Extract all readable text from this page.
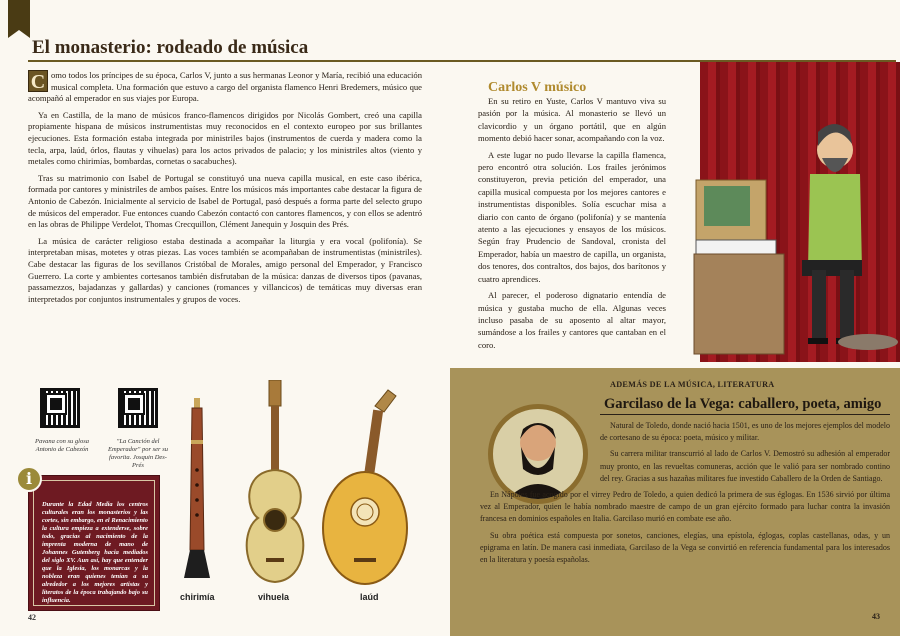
El monasterio: rodeado de música

C omo todos los príncipes de su época, Carlos V, junto a sus hermanas Leonor y María, recibió una educación musical completa. Una formación que estuvo a cargo del organista flamenco Henri Bredemers, músico que acompañó al emperador en sus viajes por Europa.

Ya en Castilla, de la mano de músicos franco-flamencos dirigidos por Nicolás Gombert, creó una capilla propiamente hispana de músicos instrumentistas muy reconocidos en el contexto europeo por sus brillantes ejecuciones. Esta formación estaba integrada por ministriles bajos (instrumentos de cuerda y madera como la tecla, arpa, laúd, órlos, flautas y vihuelas) para los actos privados de palacio; y los ministriles altos (viento y metales como chirimías, bombardas, cornetas o sacabuches).

Tras su matrimonio con Isabel de Portugal se constituyó una nueva capilla musical, en este caso ibérica, formada por cantores y ministriles de ambos países. Entre los músicos más importantes cabe destacar la figura de Antonio de Cabezón. Inicialmente al servicio de Isabel de Portugal, pasó después a forma parte del selecto grupo de músicos del emperador. Fue entonces cuando Cabezón contactó con cantores flamencos, y con ellos se adentró en las obras de Philippe Verdelot, Thomas Crecquillon, Clément Janequin y Josquin des Prés.

La música de carácter religioso estaba destinada a acompañar la liturgia y era vocal (polifonía). Se interpretaban misas, motetes y otras piezas. Las voces también se acompañaban de instrumentistas (ministriles). Cabe destacar las figuras de los sevillanos Cristóbal de Morales, amigo personal del Emperador, y Francisco Guerrero. La corte y ambientes cortesanos también disfrutaban de la música: danzas de diversos tipos (pavanas, passamezzos, bajadanzas y gallardas) y canciones (romances y villancicos) de temáticas muy diversas eran interpretados por conjuntos instrumentales y grupos de voces.

Pavana con su glosa Antonio de Cabezón
"La Canción del Emperador" por ser su favorita. Josquin Des-Prés
Durante la Edad Media los centros culturales eran los monasterios y las cortes, sin embargo, en el Renacimiento la cultura empieza a extenderse, sobre todo, gracias al nacimiento de la imprenta moderna de mano de Johannes Gutenberg hacia mediados del siglo XV. Aun así, hay que entender que la Iglesia, los monarcas y la nobleza eran quienes tenían a su alrededor a los mejores artistas y literatos de la época trabajando bajo su influencia.
i
chirimía	vihuela	laúd
42
Carlos V músico

En su retiro en Yuste, Carlos V mantuvo viva su pasión por la música. Al monasterio se llevó un clavicordio y un órgano portátil, que en algún momento debió hacer sonar, acompañando con la voz.

A este lugar no pudo llevarse la capilla flamenca, pero encontró otra solución. Los frailes jerónimos constituyeron, previa petición del emperador, una capilla musical compuesta por los mejores cantores e instrumentistas disponibles. Solía escuchar misa a diario con canto de órgano (polifonía) y se mantenía atento a las ejecuciones y ensayos de los músicos. Según fray Prudencio de Sandoval, cronista del Emperador, había un maestro de capilla, un organista, dos tenores, dos contraltos, dos bajos, dos barítonos y cuatro aprendices.

Al parecer, el poderoso dignatario entendía de música y gustaba mucho de ella. Algunas veces incluso pasaba de su aposento al altar mayor, sumándose a los frailes y cantores que cantaban en el coro.

ADEMÁS DE LA MÚSICA, LITERATURA
Garcilaso de la Vega: caballero, poeta, amigo

Natural de Toledo, donde nació hacia 1501, es uno de los mejores ejemplos del modelo de cortesano de su época: poeta, músico y militar.

Su carrera militar transcurrió al lado de Carlos V. Demostró su adhesión al emperador muy pronto, en las revueltas comuneras, acción que le valió para ser nombrado contino del rey. Gracias a sus hazañas militares fue investido Caballero de la Orden de Santiago.

En Nápoles fue acogido por el virrey Pedro de Toledo, a quien dedicó la primera de sus églogas. En 1536 sirvió por última vez al Emperador, quien le había nombrado maestre de campo de un gran ejército formado para luchar contra la invasión francesa en dominios españoles en Italia. Garcilaso murió en combate ese año.

Su obra poética está compuesta por sonetos, canciones, elegías, una epístola, églogas, coplas castellanas, odas, y un epigrama en latín. De manera casi inmediata, Garcilaso de la Vega se convirtió en referencia fundamental para los interesados en la literatura y poesía españolas.

43
